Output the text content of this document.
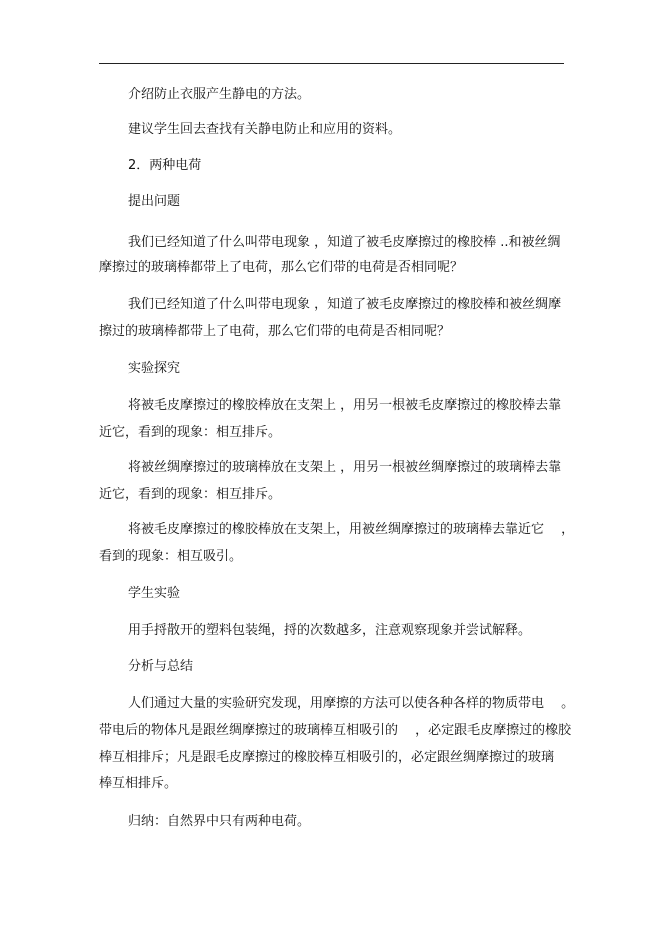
介绍防止衣服产生静电的方法。
建议学生回去查找有关静电防止和应用的资料。
2．两种电荷
提出问题
我们已经知道了什么叫带电现象 ，知道了被毛皮摩擦过的橡胶棒 ..和被丝绸
摩擦过的玻璃棒都带上了电荷，那么它们带的电荷是否相同呢？
我们已经知道了什么叫带电现象 ，知道了被毛皮摩擦过的橡胶棒和被丝绸摩
擦过的玻璃棒都带上了电荷，那么它们带的电荷是否相同呢？
实验探究
将被毛皮摩擦过的橡胶棒放在支架上 ，用另一根被毛皮摩擦过的橡胶棒去靠
近它，看到的现象：相互排斥。
将被丝绸摩擦过的玻璃棒放在支架上 ，用另一根被丝绸摩擦过的玻璃棒去靠
近它，看到的现象：相互排斥。
将被毛皮摩擦过的橡胶棒放在支架上，用被丝绸摩擦过的玻璃棒去靠近它 　，
看到的现象：相互吸引。
学生实验
用手捋散开的塑料包装绳，捋的次数越多，注意观察现象并尝试解释。
分析与总结
人们通过大量的实验研究发现，用摩擦的方法可以使各种各样的物质带电 　。
带电后的物体凡是跟丝绸摩擦过的玻璃棒互相吸引的 　，必定跟毛皮摩擦过的橡胶
棒互相排斥；凡是跟毛皮摩擦过的橡胶棒互相吸引的，必定跟丝绸摩擦过的玻璃
棒互相排斥。
归纳：自然界中只有两种电荷。
